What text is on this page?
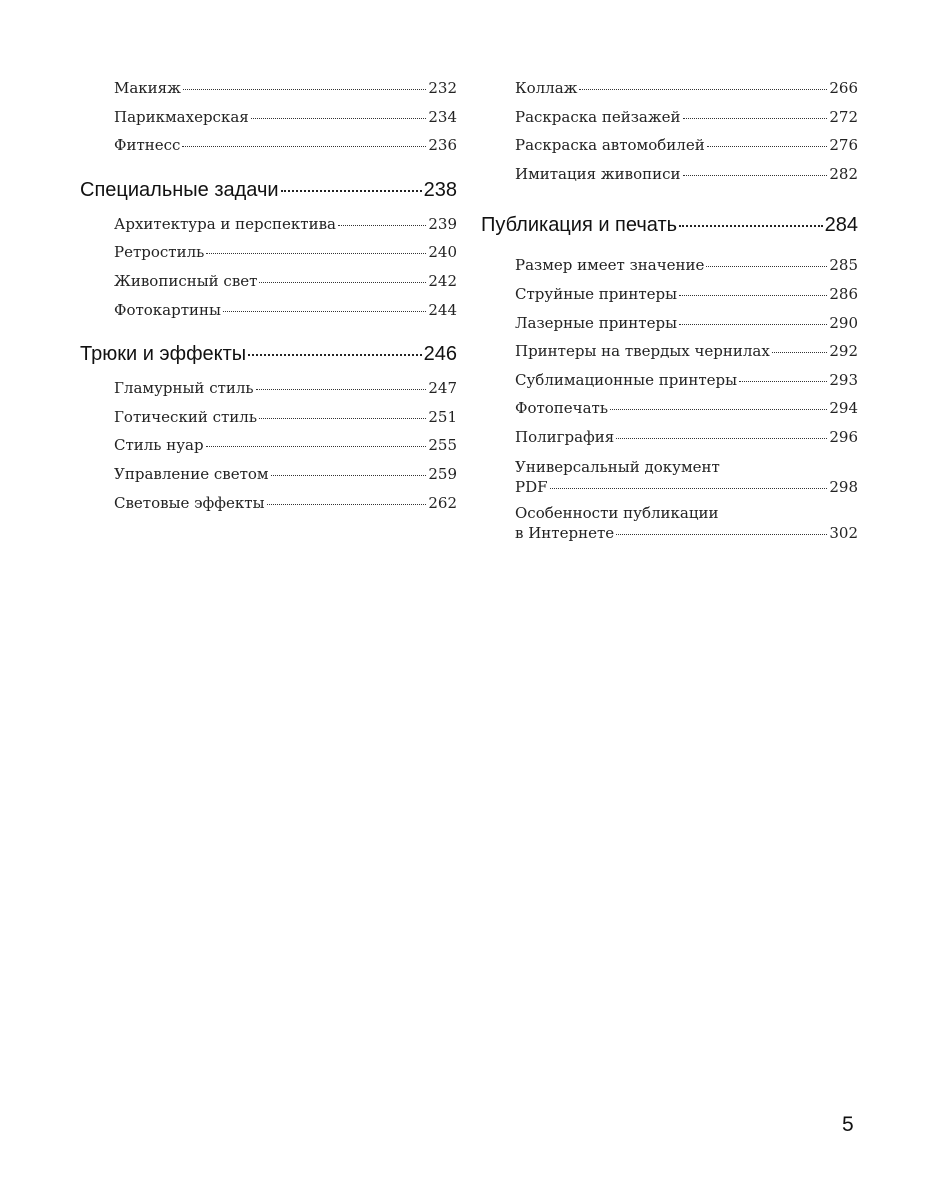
Макияж	232
Парикмахерская	234
Фитнесс	236
Специальные задачи	238
Архитектура и перспектива	239
Ретростиль	240
Живописный свет	242
Фотокартины	244
Трюки и эффекты	246
Гламурный стиль	247
Готический стиль	251
Стиль нуар	255
Управление светом	259
Световые эффекты	262
Коллаж	266
Раскраска пейзажей	272
Раскраска автомобилей	276
Имитация живописи	282
Публикация и печать	284
Размер имеет значение	285
Струйные принтеры	286
Лазерные принтеры	290
Принтеры на твердых чернилах	292
Сублимационные принтеры	293
Фотопечать	294
Полиграфия	296
Универсальный документ
PDF	298
Особенности публикации
в Интернете	302
5
